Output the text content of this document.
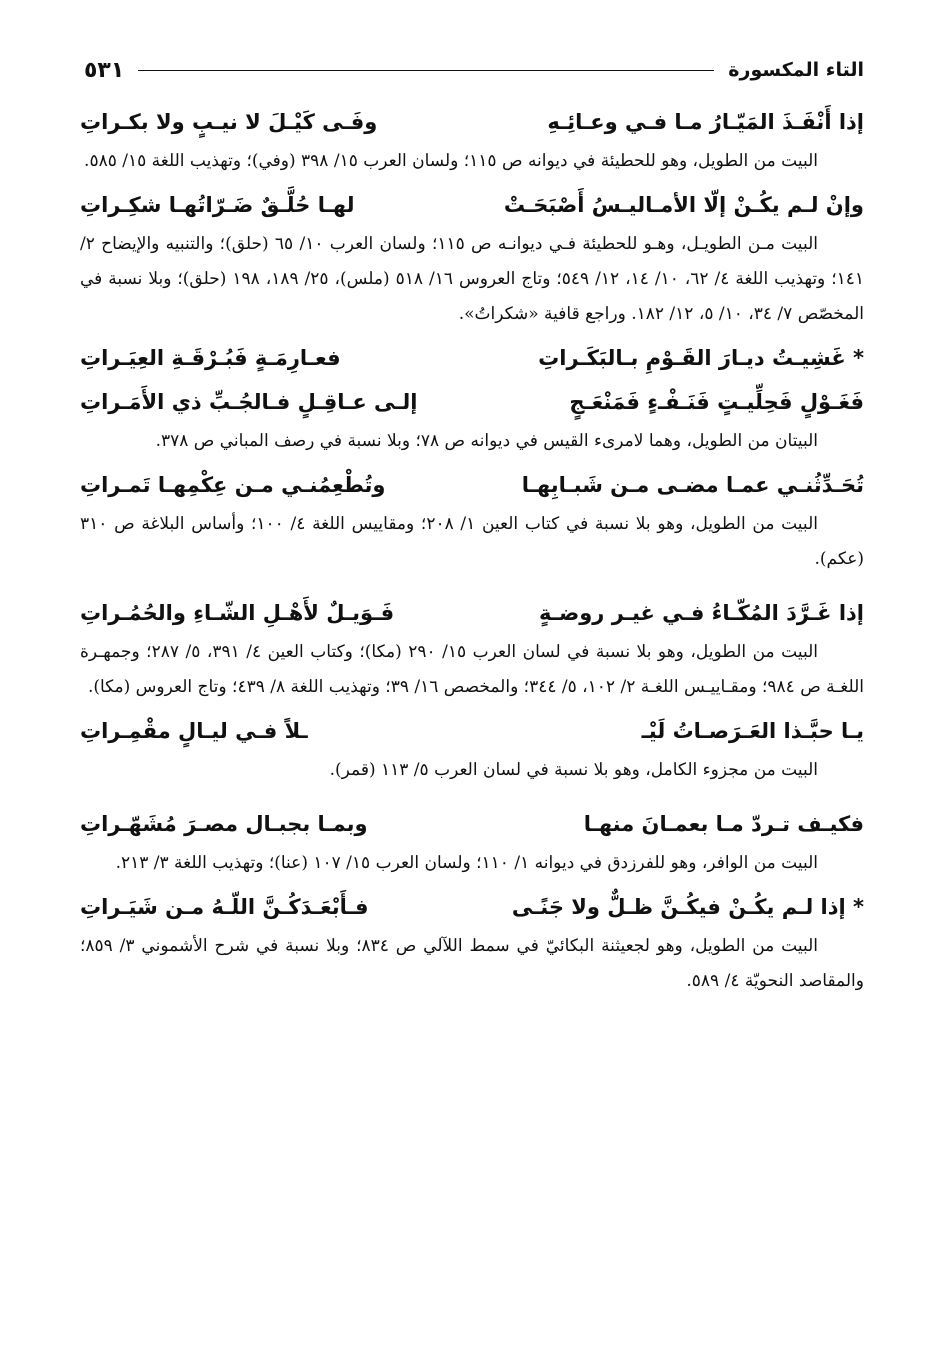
التاء المكسورة
٥٣١
إذا أَنْفَـذَ المَيّـارُ مـا فـي وعـائِـهِ
وفَـى كَيْـلَ لا نيـبٍ ولا بكـراتِ

البيت من الطويل، وهو للحطيئة في ديوانه ص ١١٥؛ ولسان العرب ١٥/ ٣٩٨ (وفي)؛ وتهذيب اللغة ١٥/ ٥٨٥.

وإنْ لـم يكُـنْ إلّا الأمـاليـسُ أَصْبَحَـتْ
لهـا حُلَّـقٌ ضَـرّاتُهـا شكِـراتِ

البيت مـن الطويـل، وهـو للحطيئة فـي ديوانـه ص ١١٥؛ ولسان العرب ١٠/ ٦٥ (حلق)؛ والتنبيه والإيضاح ٢/ ١٤١؛ وتهذيب اللغة ٤/ ٦٢، ١٠/ ١٤، ١٢/ ٥٤٩؛ وتاج العروس ١٦/ ٥١٨ (ملس)، ٢٥/ ١٨٩، ١٩٨ (حلق)؛ وبلا نسبة في المخصّص ٧/ ٣٤، ١٠/ ٥، ١٢/ ١٨٢. وراجع قافية «شكراتُ».

* غَشِيـتُ ديـارَ القَـوْمِ بـالبَكَـراتِ
فعـارِمَـةٍ فَبُـرْقَـةِ العِيَـراتِ
فَغَـوْلٍ فَحِلِّيـتٍ فَنَـفْـءٍ فَمَنْعَـجٍ
إلـى عـاقِـلٍ فـالجُـبِّ ذي الأَمَـراتِ

البيتان من الطويل، وهما لامرىء القيس في ديوانه ص ٧٨؛ وبلا نسبة في رصف المباني ص ٣٧٨.

تُحَـدِّثُنـي عمـا مضـى مـن شَبـابِهـا
وتُطْعِمُنـي مـن عِكْمِهـا تَمـراتِ

البيت من الطويل، وهو بلا نسبة في كتاب العين ١/ ٢٠٨؛ ومقاييس اللغة ٤/ ١٠٠؛ وأساس البلاغة ص ٣١٠ (عكم).

إذا غَـرَّدَ المُكّـاءُ فـي غيـر روضـةٍ
فَـوَيـلٌ لأَهْـلِ الشّـاءِ والحُمُـراتِ

البيت من الطويل، وهو بلا نسبة في لسان العرب ١٥/ ٢٩٠ (مكا)؛ وكتاب العين ٤/ ٣٩١، ٥/ ٢٨٧؛ وجمهـرة اللغـة ص ٩٨٤؛ ومقـاييـس اللغـة ٢/ ١٠٢، ٥/ ٣٤٤؛ والمخصص ١٦/ ٣٩؛ وتهذيب اللغة ٨/ ٤٣٩؛ وتاج العروس (مكا).

يـا حبَّـذا العَـرَصـاتُ لَيْـ
ـلاً فـي ليـالٍ مقْمِـراتِ

البيت من مجزوء الكامل، وهو بلا نسبة في لسان العرب ٥/ ١١٣ (قمر).

فكيـف تـردّ مـا بعمـانَ منهـا
وبمـا بجبـال مصـرَ مُشَهّـراتِ

البيت من الوافر، وهو للفرزدق في ديوانه ١/ ١١٠؛ ولسان العرب ١٥/ ١٠٧ (عنا)؛ وتهذيب اللغة ٣/ ٢١٣.

* إذا لـم يكُـنْ فيكُـنَّ ظـلٌّ ولا جَنًـى
فـأَبْعَـدَكُـنَّ اللّـهُ مـن شَيَـراتِ

البيت من الطويل، وهو لجعيثنة البكائيّ في سمط اللآلي ص ٨٣٤؛ وبلا نسبة في شرح الأشموني ٣/ ٨٥٩؛ والمقاصد النحويّة ٤/ ٥٨٩.
